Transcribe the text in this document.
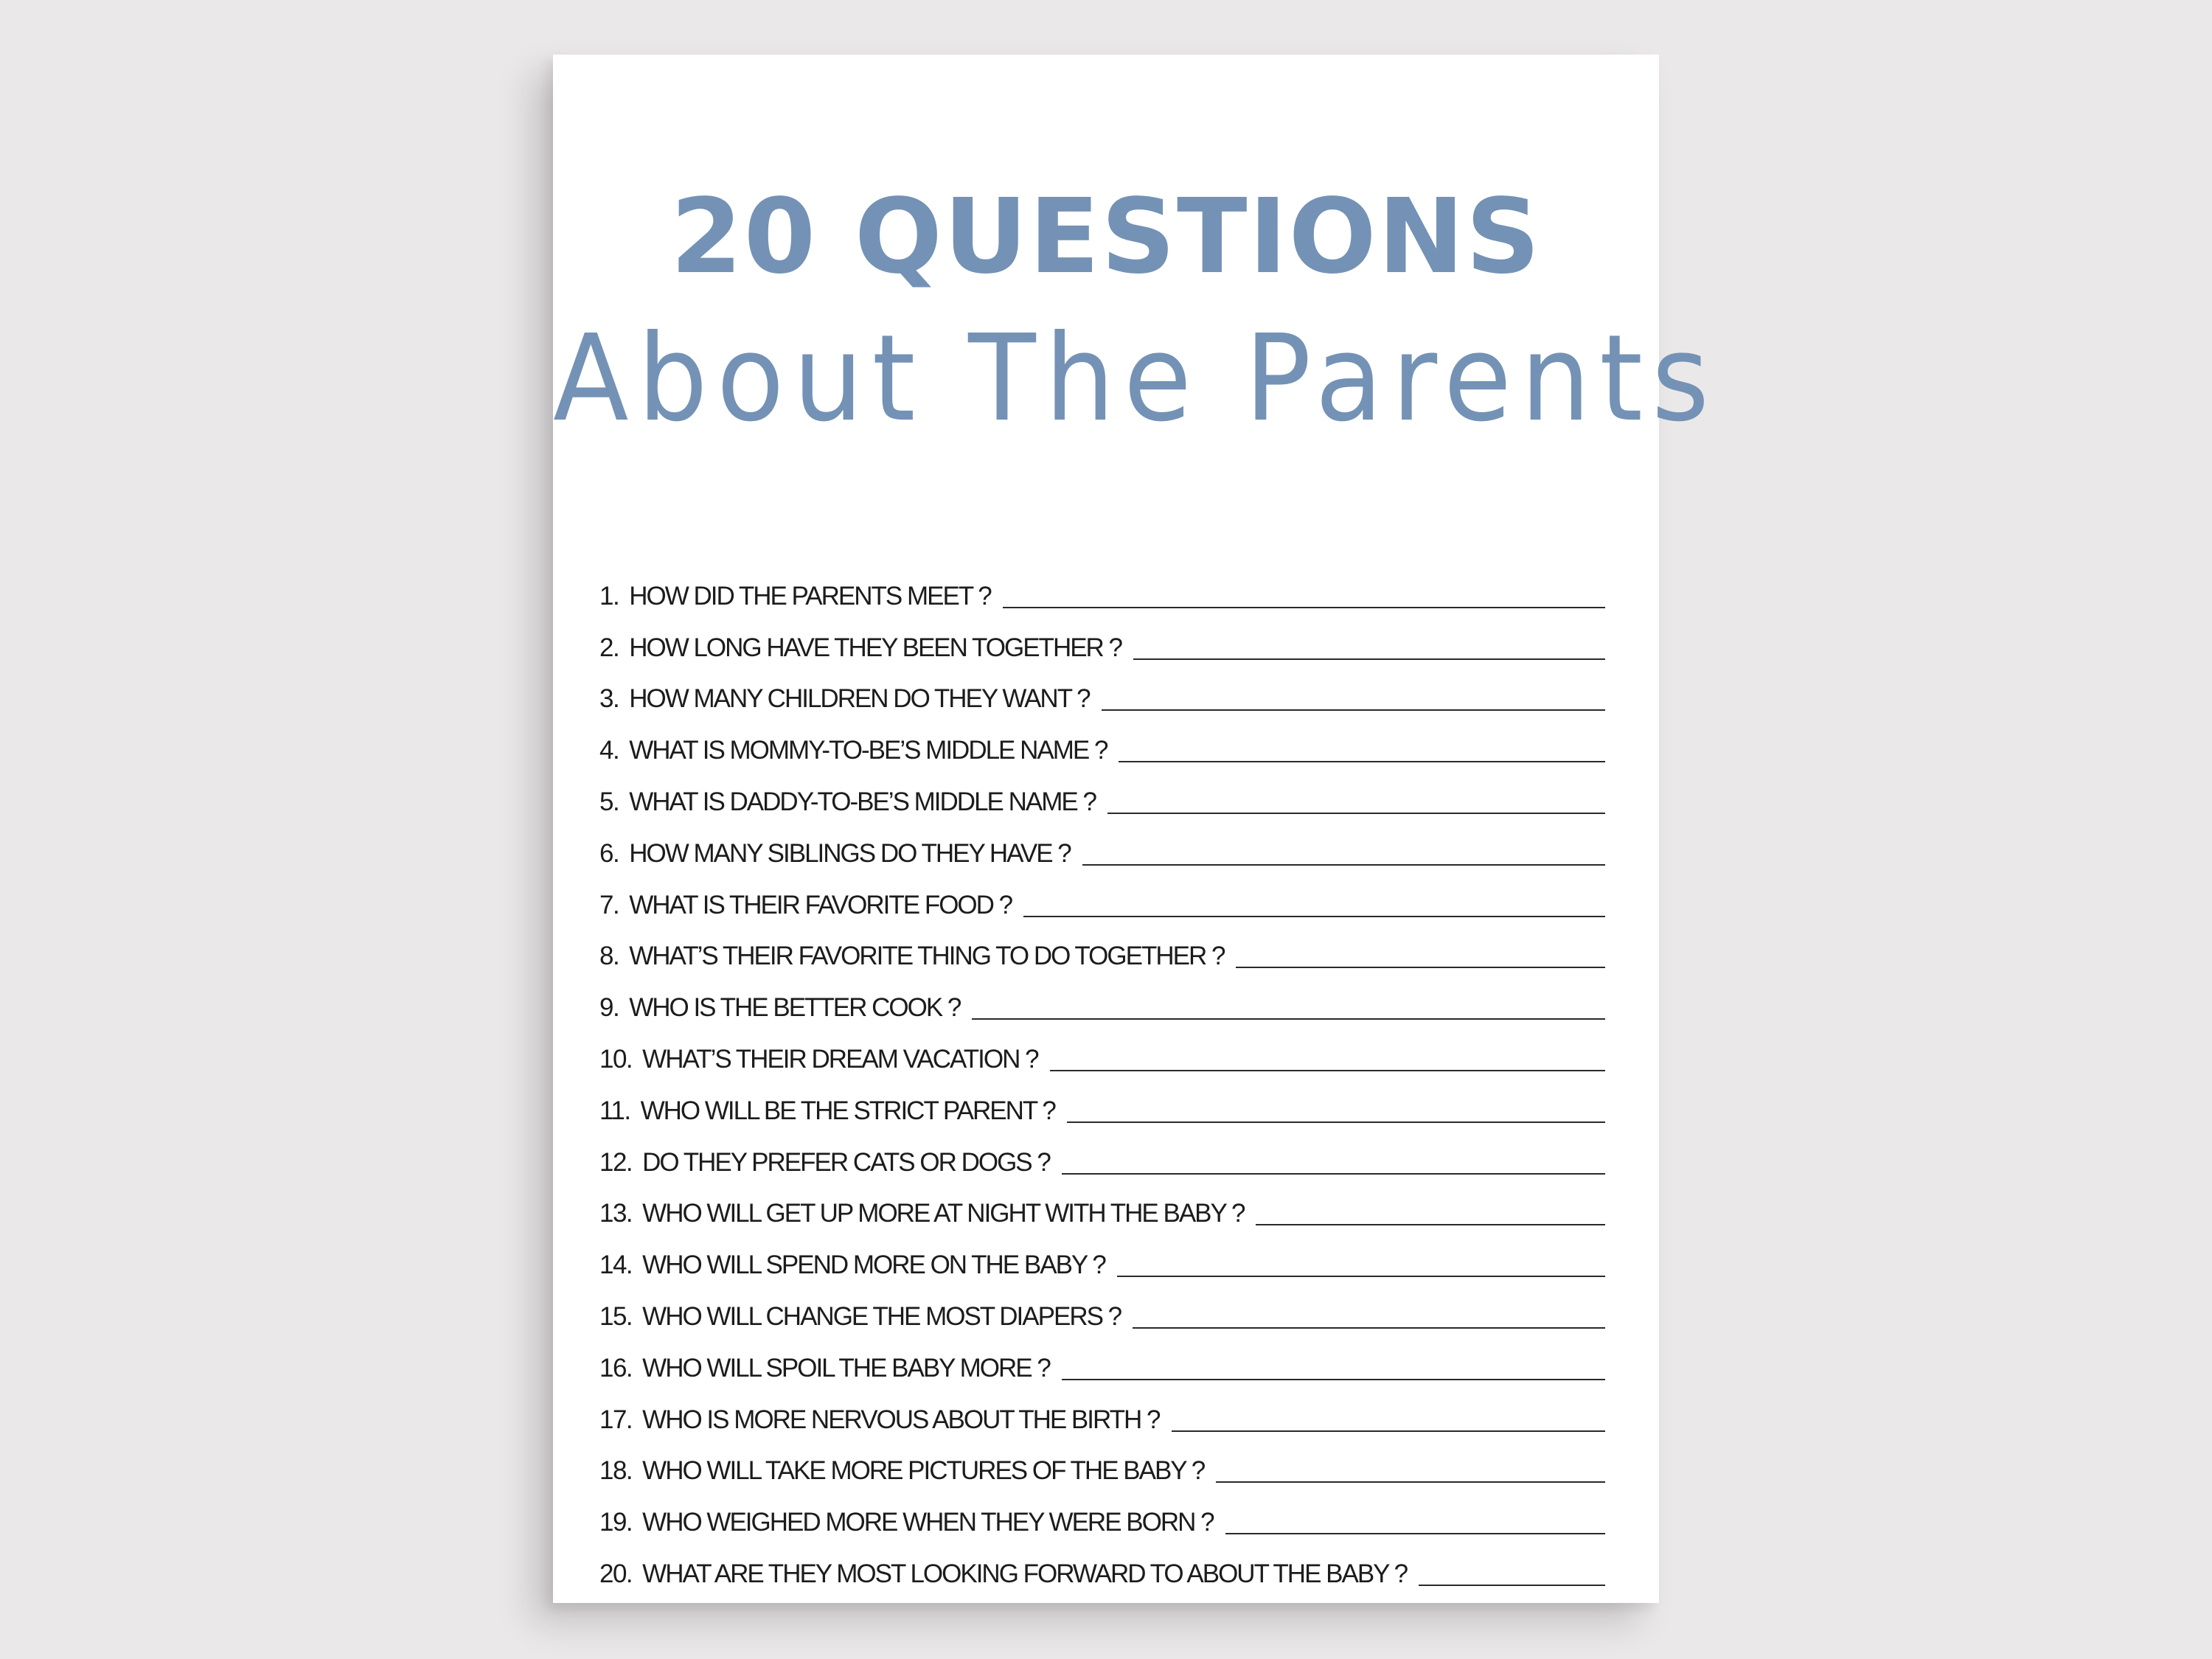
20 QUESTIONS
About The Parents
1. HOW DID THE PARENTS MEET ?
2. HOW LONG HAVE THEY BEEN TOGETHER ?
3. HOW MANY CHILDREN DO THEY WANT ?
4. WHAT IS MOMMY-TO-BE’S MIDDLE NAME ?
5. WHAT IS DADDY-TO-BE’S MIDDLE NAME ?
6. HOW MANY SIBLINGS DO THEY HAVE ?
7. WHAT IS THEIR FAVORITE FOOD ?
8. WHAT’S THEIR FAVORITE THING TO DO TOGETHER ?
9. WHO IS THE BETTER COOK ?
10. WHAT’S THEIR DREAM VACATION ?
11. WHO WILL BE THE STRICT PARENT ?
12. DO THEY PREFER CATS OR DOGS ?
13. WHO WILL GET UP MORE AT NIGHT WITH THE BABY ?
14. WHO WILL SPEND MORE ON THE BABY ?
15. WHO WILL CHANGE THE MOST DIAPERS ?
16. WHO WILL SPOIL THE BABY MORE ?
17. WHO IS MORE NERVOUS ABOUT THE BIRTH ?
18. WHO WILL TAKE MORE PICTURES OF THE BABY ?
19. WHO WEIGHED MORE WHEN THEY WERE BORN ?
20. WHAT ARE THEY MOST LOOKING FORWARD TO ABOUT THE BABY ?
